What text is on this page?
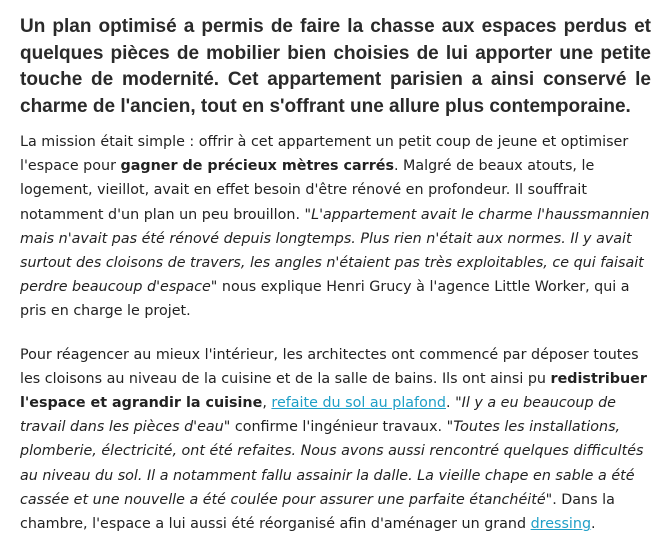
Un plan optimisé a permis de faire la chasse aux espaces perdus et quelques pièces de mobilier bien choisies de lui apporter une petite touche de modernité. Cet appartement parisien a ainsi conservé le charme de l'ancien, tout en s'offrant une allure plus contemporaine.

La mission était simple : offrir à cet appartement un petit coup de jeune et optimiser l'espace pour gagner de précieux mètres carrés. Malgré de beaux atouts, le logement, vieillot, avait en effet besoin d'être rénové en profondeur. Il souffrait notamment d'un plan un peu brouillon. "L'appartement avait le charme l'haussmannien mais n'avait pas été rénové depuis longtemps. Plus rien n'était aux normes. Il y avait surtout des cloisons de travers, les angles n'étaient pas très exploitables, ce qui faisait perdre beaucoup d'espace" nous explique Henri Grucy à l'agence Little Worker, qui a pris en charge le projet.

Pour réagencer au mieux l'intérieur, les architectes ont commencé par déposer toutes les cloisons au niveau de la cuisine et de la salle de bains. Ils ont ainsi pu redistribuer l'espace et agrandir la cuisine, refaite du sol au plafond. "Il y a eu beaucoup de travail dans les pièces d'eau" confirme l'ingénieur travaux. "Toutes les installations, plomberie, électricité, ont été refaites. Nous avons aussi rencontré quelques difficultés au niveau du sol. Il a notamment fallu assainir la dalle. La vieille chape en sable a été cassée et une nouvelle a été coulée pour assurer une parfaite étanchéité". Dans la chambre, l'espace a lui aussi été réorganisé afin d'aménager un grand dressing.
